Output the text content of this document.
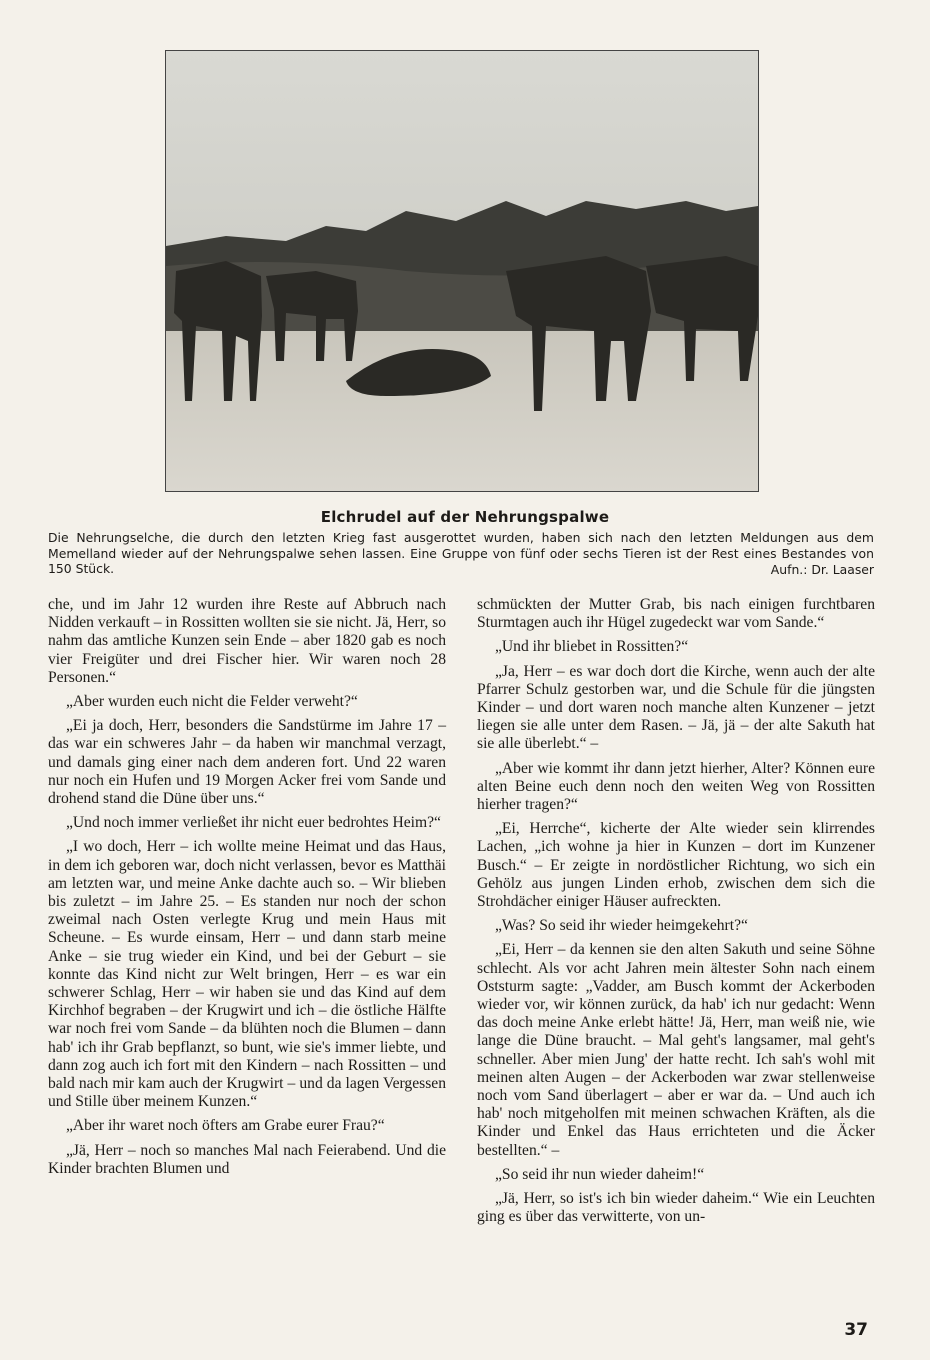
Elchrudel auf der Nehrungspalwe
Die Nehrungselche, die durch den letzten Krieg fast ausgerottet wurden, haben sich nach den letzten Meldungen aus dem Memelland wieder auf der Nehrungspalwe sehen lassen. Eine Gruppe von fünf oder sechs Tieren ist der Rest eines Bestandes von 150 Stück.	Aufn.: Dr. Laaser

che, und im Jahr 12 wurden ihre Reste auf Abbruch nach Nidden verkauft – in Rossitten wollten sie sie nicht. Jä, Herr, so nahm das amtliche Kunzen sein Ende – aber 1820 gab es noch vier Freigüter und drei Fischer hier. Wir waren noch 28 Personen.“

„Aber wurden euch nicht die Felder verweht?“

„Ei ja doch, Herr, besonders die Sandstürme im Jahre 17 – das war ein schweres Jahr – da haben wir manchmal verzagt, und damals ging einer nach dem anderen fort. Und 22 waren nur noch ein Hufen und 19 Morgen Acker frei vom Sande und drohend stand die Düne über uns.“

„Und noch immer verließet ihr nicht euer bedrohtes Heim?“

„I wo doch, Herr – ich wollte meine Heimat und das Haus, in dem ich geboren war, doch nicht verlassen, bevor es Matthäi am letzten war, und meine Anke dachte auch so. – Wir blieben bis zuletzt – im Jahre 25. – Es standen nur noch der schon zweimal nach Osten verlegte Krug und mein Haus mit Scheune. – Es wurde einsam, Herr – und dann starb meine Anke – sie trug wieder ein Kind, und bei der Geburt – sie konnte das Kind nicht zur Welt bringen, Herr – es war ein schwerer Schlag, Herr – wir haben sie und das Kind auf dem Kirchhof begraben – der Krugwirt und ich – die östliche Hälfte war noch frei vom Sande – da blühten noch die Blumen – dann hab' ich ihr Grab bepflanzt, so bunt, wie sie's immer liebte, und dann zog auch ich fort mit den Kindern – nach Rossitten – und bald nach mir kam auch der Krugwirt – und da lagen Vergessen und Stille über meinem Kunzen.“

„Aber ihr waret noch öfters am Grabe eurer Frau?“

„Jä, Herr – noch so manches Mal nach Feierabend. Und die Kinder brachten Blumen und

schmückten der Mutter Grab, bis nach einigen furchtbaren Sturmtagen auch ihr Hügel zugedeckt war vom Sande.“

„Und ihr bliebet in Rossitten?“

„Ja, Herr – es war doch dort die Kirche, wenn auch der alte Pfarrer Schulz gestorben war, und die Schule für die jüngsten Kinder – und dort waren noch manche alten Kunzener – jetzt liegen sie alle unter dem Rasen. – Jä, jä – der alte Sakuth hat sie alle überlebt.“ –

„Aber wie kommt ihr dann jetzt hierher, Alter? Können eure alten Beine euch denn noch den weiten Weg von Rossitten hierher tragen?“

„Ei, Herrche“, kicherte der Alte wieder sein klirrendes Lachen, „ich wohne ja hier in Kunzen – dort im Kunzener Busch.“ – Er zeigte in nordöstlicher Richtung, wo sich ein Gehölz aus jungen Linden erhob, zwischen dem sich die Strohdächer einiger Häuser aufreckten.

„Was? So seid ihr wieder heimgekehrt?“

„Ei, Herr – da kennen sie den alten Sakuth und seine Söhne schlecht. Als vor acht Jahren mein ältester Sohn nach einem Oststurm sagte: „Vadder, am Busch kommt der Ackerboden wieder vor, wir können zurück, da hab' ich nur gedacht: Wenn das doch meine Anke erlebt hätte! Jä, Herr, man weiß nie, wie lange die Düne braucht. – Mal geht's langsamer, mal geht's schneller. Aber mien Jung' der hatte recht. Ich sah's wohl mit meinen alten Augen – der Ackerboden war zwar stellenweise noch vom Sand überlagert – aber er war da. – Und auch ich hab' noch mitgeholfen mit meinen schwachen Kräften, als die Kinder und Enkel das Haus errichteten und die Äcker bestellten.“ –

„So seid ihr nun wieder daheim!“

„Jä, Herr, so ist's ich bin wieder daheim.“ Wie ein Leuchten ging es über das verwitterte, von un-

37
